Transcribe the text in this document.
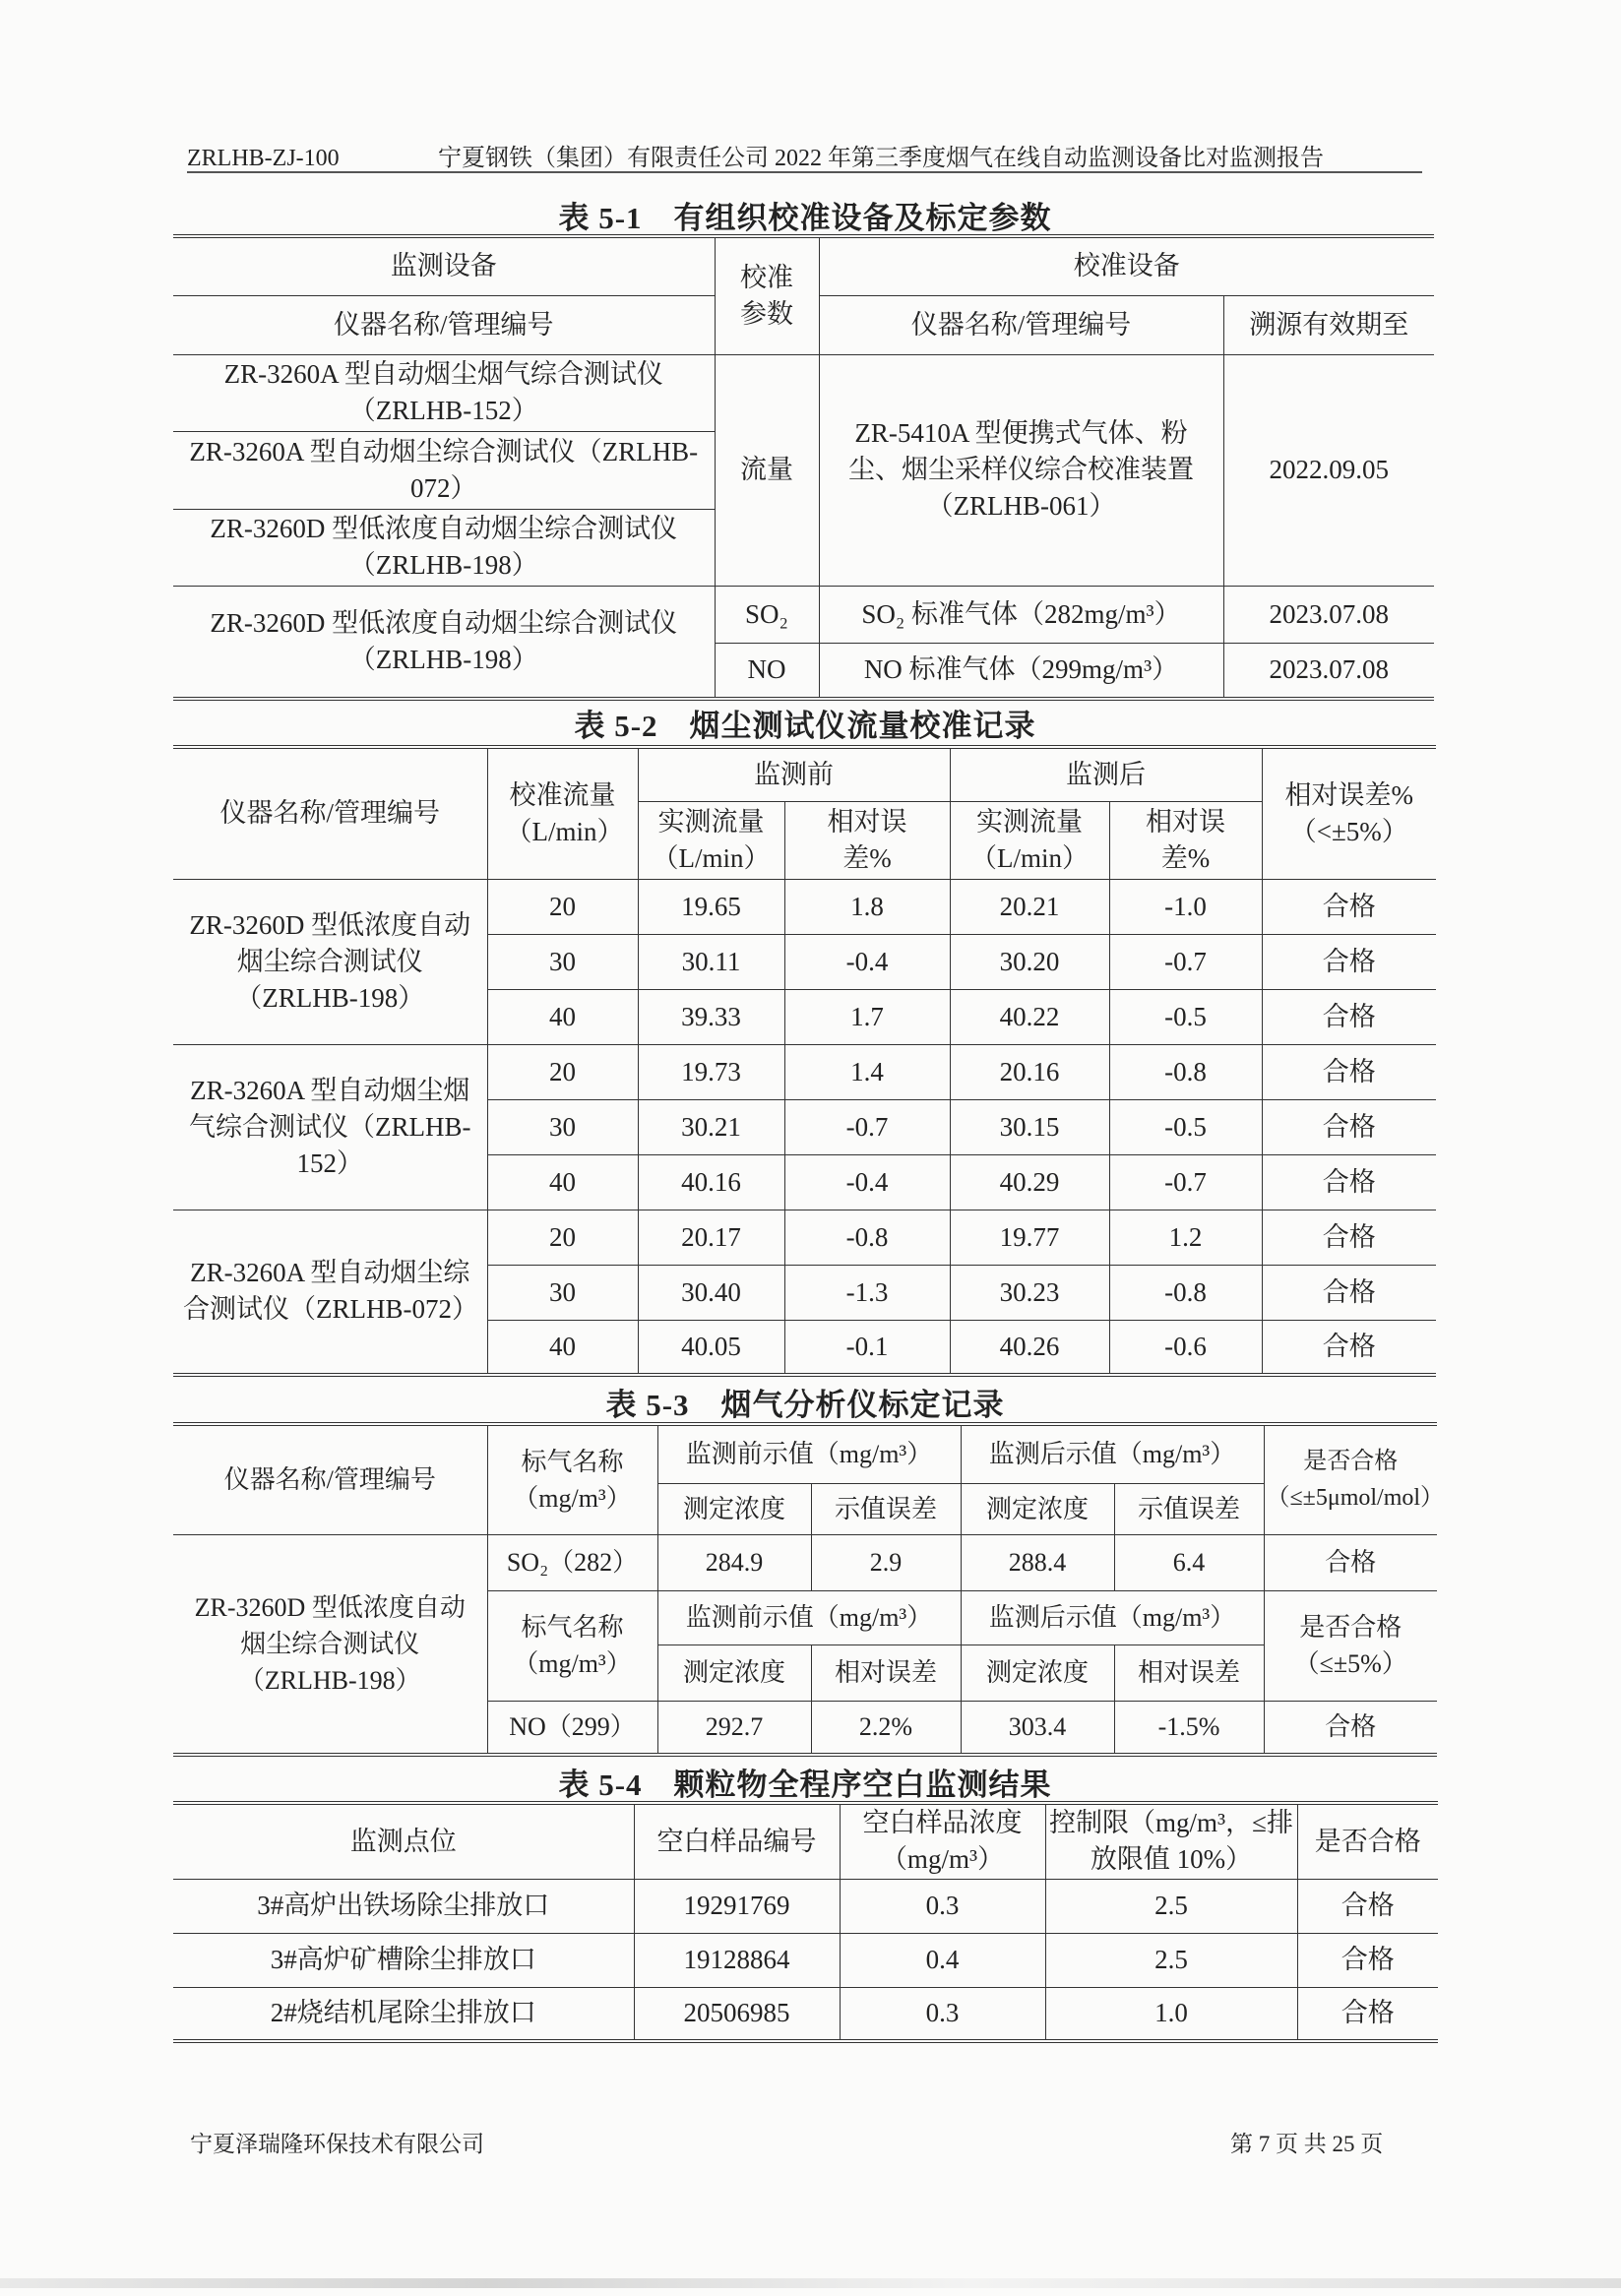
ZRLHB-ZJ-100	宁夏钢铁（集团）有限责任公司 2022 年第三季度烟气在线自动监测设备比对监测报告
表 5-1　有组织校准设备及标定参数
监测设备	校准参数	校准设备	
仪器名称/管理编号		仪器名称/管理编号	溯源有效期至
ZR-3260A 型自动烟尘烟气综合测试仪（ZRLHB-152）	流量	ZR-5410A 型便携式气体、粉尘、烟尘采样仪综合校准装置（ZRLHB-061）	2022.09.05
ZR-3260A 型自动烟尘综合测试仪（ZRLHB-072）			
ZR-3260D 型低浓度自动烟尘综合测试仪（ZRLHB-198）			
ZR-3260D 型低浓度自动烟尘综合测试仪（ZRLHB-198）	SO₂	SO₂ 标准气体（282mg/m³）	2023.07.08
	NO	NO 标准气体（299mg/m³）	2023.07.08
表 5-2　烟尘测试仪流量校准记录
仪器名称/管理编号	校准流量（L/min）	监测前		监测后		相对误差%（<±5%）
		实测流量（L/min）	相对误差%	实测流量（L/min）	相对误差%	
ZR-3260D 型低浓度自动烟尘综合测试仪（ZRLHB-198）	20	19.65	1.8	20.21	-1.0	合格
	30	30.11	-0.4	30.20	-0.7	合格
	40	39.33	1.7	40.22	-0.5	合格
ZR-3260A 型自动烟尘烟气综合测试仪（ZRLHB-152）	20	19.73	1.4	20.16	-0.8	合格
	30	30.21	-0.7	30.15	-0.5	合格
	40	40.16	-0.4	40.29	-0.7	合格
ZR-3260A 型自动烟尘综合测试仪（ZRLHB-072）	20	20.17	-0.8	19.77	1.2	合格
	30	30.40	-1.3	30.23	-0.8	合格
	40	40.05	-0.1	40.26	-0.6	合格
表 5-3　烟气分析仪标定记录
仪器名称/管理编号	标气名称（mg/m³）	监测前示值（mg/m³）		监测后示值（mg/m³）		是否合格（≤±5μmol/mol）
		测定浓度	示值误差	测定浓度	示值误差	
ZR-3260D 型低浓度自动烟尘综合测试仪（ZRLHB-198）	SO₂（282）	284.9	2.9	288.4	6.4	合格
	标气名称（mg/m³）	监测前示值（mg/m³）		监测后示值（mg/m³）		是否合格（≤±5%）
		测定浓度	相对误差	测定浓度	相对误差	
	NO（299）	292.7	2.2%	303.4	-1.5%	合格
表 5-4　颗粒物全程序空白监测结果
监测点位	空白样品编号	空白样品浓度（mg/m³）	控制限（mg/m³，≤排放限值 10%）	是否合格
3#高炉出铁场除尘排放口	19291769	0.3	2.5	合格
3#高炉矿槽除尘排放口	19128864	0.4	2.5	合格
2#烧结机尾除尘排放口	20506985	0.3	1.0	合格
宁夏泽瑞隆环保技术有限公司	第 7 页 共 25 页
